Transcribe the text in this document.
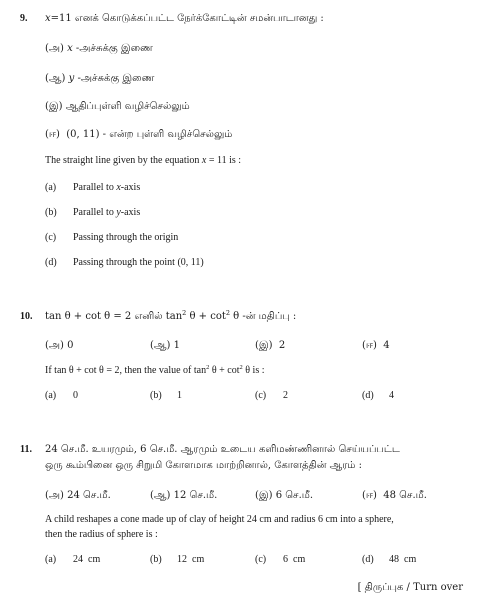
9. x=11 எனக் கொடுக்கப்பட்ட நேர்க்கோட்டின் சமன்பாடானது :
(அ) x -அச்சுக்கு இணை
(ஆ) y -அச்சுக்கு இணை
(இ) ஆதிப்புள்ளி வழிச்செல்லும்
(ஈ) (0, 11) - என்ற புள்ளி வழிச்செல்லும்
The straight line given by the equation x = 11 is :
(a) Parallel to x-axis
(b) Parallel to y-axis
(c) Passing through the origin
(d) Passing through the point (0, 11)
10. tan θ + cot θ = 2 எனில் $\tan^2 \theta + \cot^2 \theta$ -ன் மதிப்பு :
(அ) 0	(ஆ) 1	(இ) 2	(ஈ) 4
If tan θ + cot θ = 2, then the value of $\tan^2 \theta + \cot^2 \theta$ is :
(a) 0	(b) 1	(c) 2	(d) 4
11. 24 செ.மீ. உயரமும், 6 செ.மீ. ஆரமும் உடைய களிமண்ணினால் செய்யப்பட்ட
ஒரு கூம்பினை ஒரு சிறுமி கோளமாக மாற்றினால், கோளத்தின் ஆரம் :
(அ) 24 செ.மீ.	(ஆ) 12 செ.மீ.	(இ) 6 செ.மீ.	(ஈ) 48 செ.மீ.
A child reshapes a cone made up of clay of height 24 cm and radius 6 cm into a sphere,
then the radius of sphere is :
(a) 24  cm	(b) 12  cm	(c) 6  cm	(d) 48  cm
[ திருப்புக / Turn over
